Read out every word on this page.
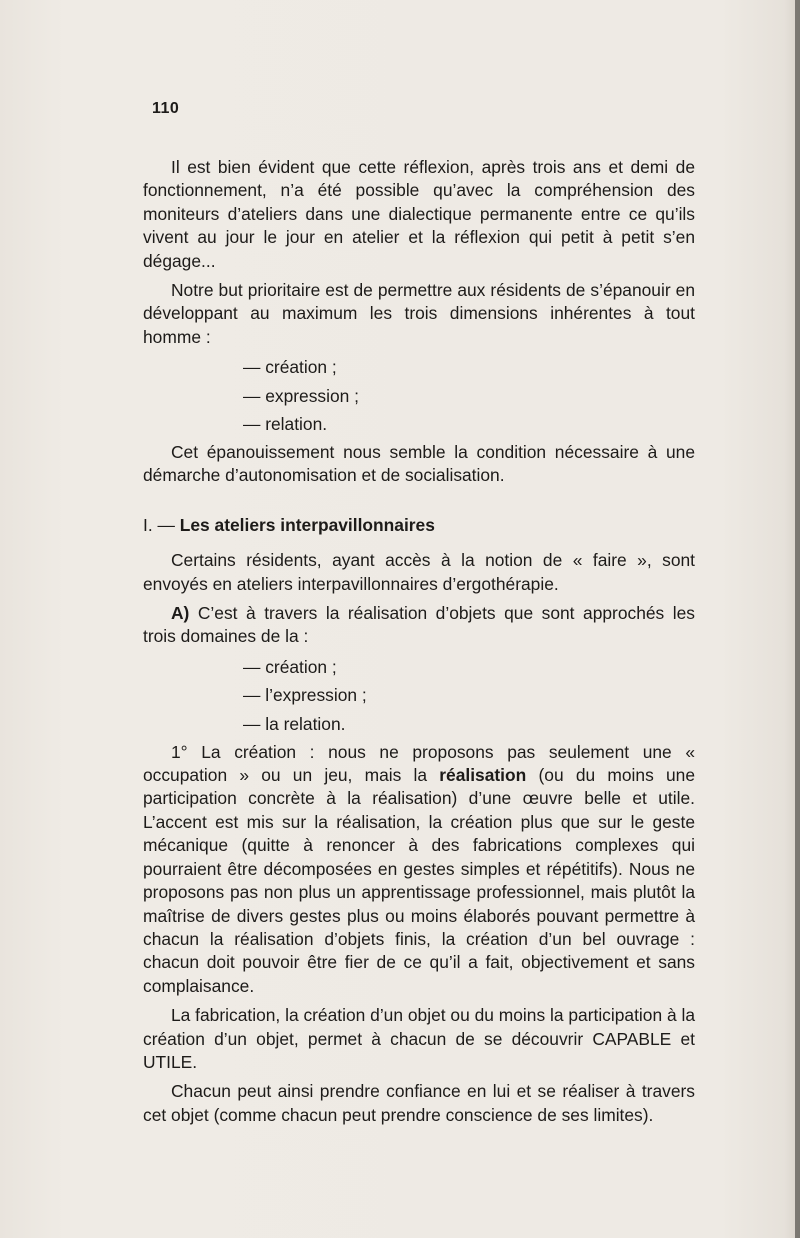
110

Il est bien évident que cette réflexion, après trois ans et demi de fonctionnement, n’a été possible qu’avec la compréhension des moniteurs d’ateliers dans une dialectique permanente entre ce qu’ils vivent au jour le jour en atelier et la réflexion qui petit à petit s’en dégage...

Notre but prioritaire est de permettre aux résidents de s’épanouir en développant au maximum les trois dimensions inhérentes à tout homme :

— création ;

— expression ;

— relation.

Cet épanouissement nous semble la condition nécessaire à une démarche d’autonomisation et de socialisation.

I. — Les ateliers interpavillonnaires

Certains résidents, ayant accès à la notion de « faire », sont envoyés en ateliers interpavillonnaires d’ergothérapie.

A) C’est à travers la réalisation d’objets que sont approchés les trois domaines de la :

— création ;

— l’expression ;

— la relation.

1° La création : nous ne proposons pas seulement une « occupation » ou un jeu, mais la réalisation (ou du moins une participation concrète à la réalisation) d’une œuvre belle et utile. L’accent est mis sur la réalisation, la création plus que sur le geste mécanique (quitte à renoncer à des fabrications complexes qui pourraient être décomposées en gestes simples et répétitifs). Nous ne proposons pas non plus un apprentissage professionnel, mais plutôt la maîtrise de divers gestes plus ou moins élaborés pouvant permettre à chacun la réalisation d’objets finis, la création d’un bel ouvrage : chacun doit pouvoir être fier de ce qu’il a fait, objectivement et sans complaisance.

La fabrication, la création d’un objet ou du moins la participation à la création d’un objet, permet à chacun de se découvrir CAPABLE et UTILE.

Chacun peut ainsi prendre confiance en lui et se réaliser à travers cet objet (comme chacun peut prendre conscience de ses limites).
